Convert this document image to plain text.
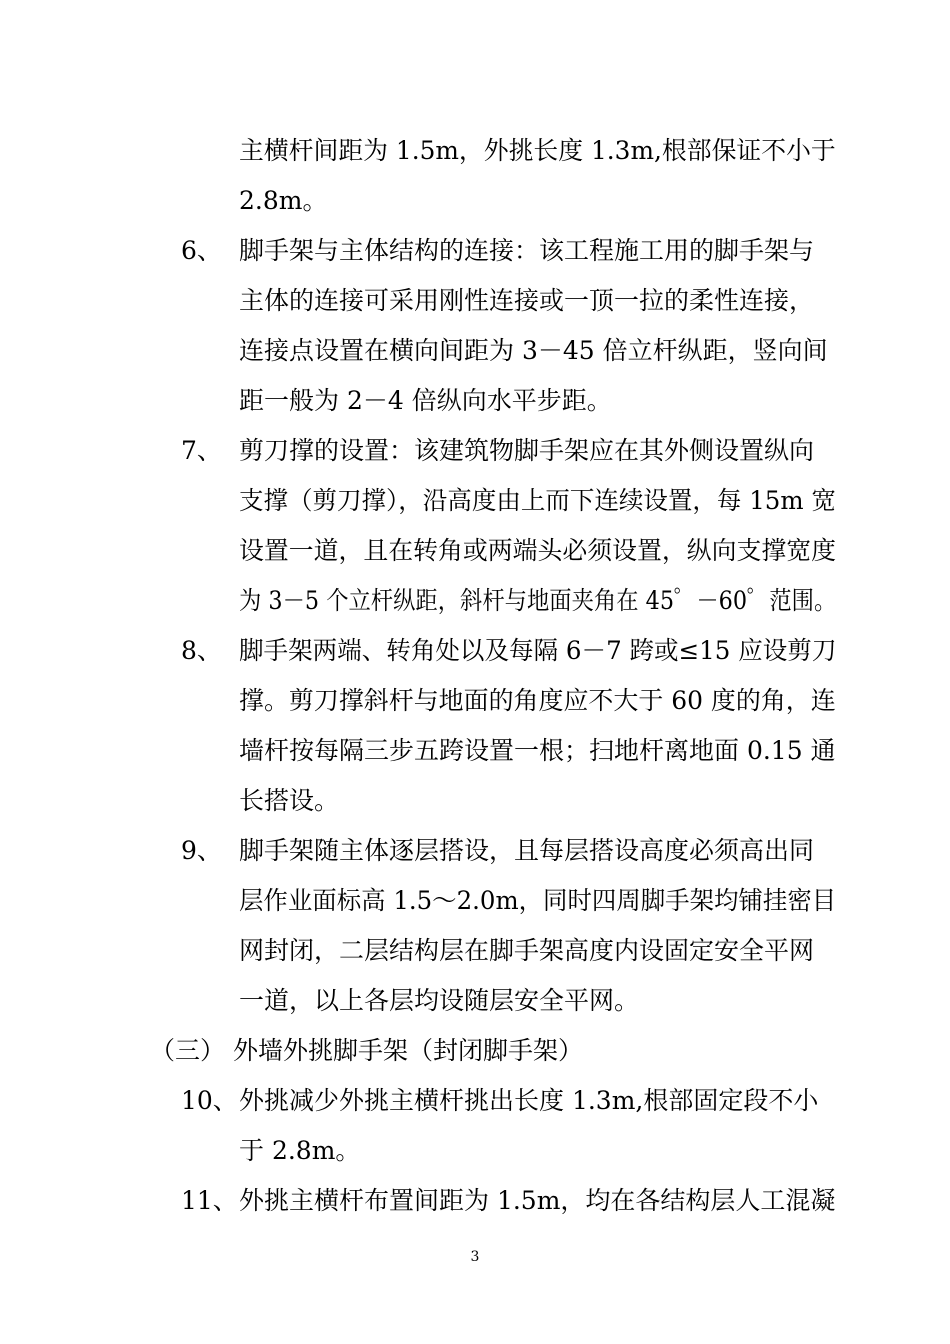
主横杆间距为 1.5m，外挑长度 1.3m,根部保证不小于
2.8m。
6、 脚手架与主体结构的连接：该工程施工用的脚手架与
主体的连接可采用刚性连接或一顶一拉的柔性连接，
连接点设置在横向间距为 3－45 倍立杆纵距，竖向间
距一般为 2－4 倍纵向水平步距。
7、 剪刀撑的设置：该建筑物脚手架应在其外侧设置纵向
支撑（剪刀撑），沿高度由上而下连续设置，每 15m 宽
设置一道，且在转角或两端头必须设置，纵向支撑宽度
为 3－5 个立杆纵距，斜杆与地面夹角在 45゜－60゜范围。
8、 脚手架两端、转角处以及每隔 6－7 跨或≤15 应设剪刀
撑。剪刀撑斜杆与地面的角度应不大于 60 度的角，连
墙杆按每隔三步五跨设置一根；扫地杆离地面 0.15 通
长搭设。
9、 脚手架随主体逐层搭设，且每层搭设高度必须高出同
层作业面标高 1.5～2.0m，同时四周脚手架均铺挂密目
网封闭，二层结构层在脚手架高度内设固定安全平网
一道，以上各层均设随层安全平网。
（三） 外墙外挑脚手架（封闭脚手架）
10、 外挑减少外挑主横杆挑出长度 1.3m,根部固定段不小
于 2.8m。
11、 外挑主横杆布置间距为 1.5m，均在各结构层人工混凝
3
